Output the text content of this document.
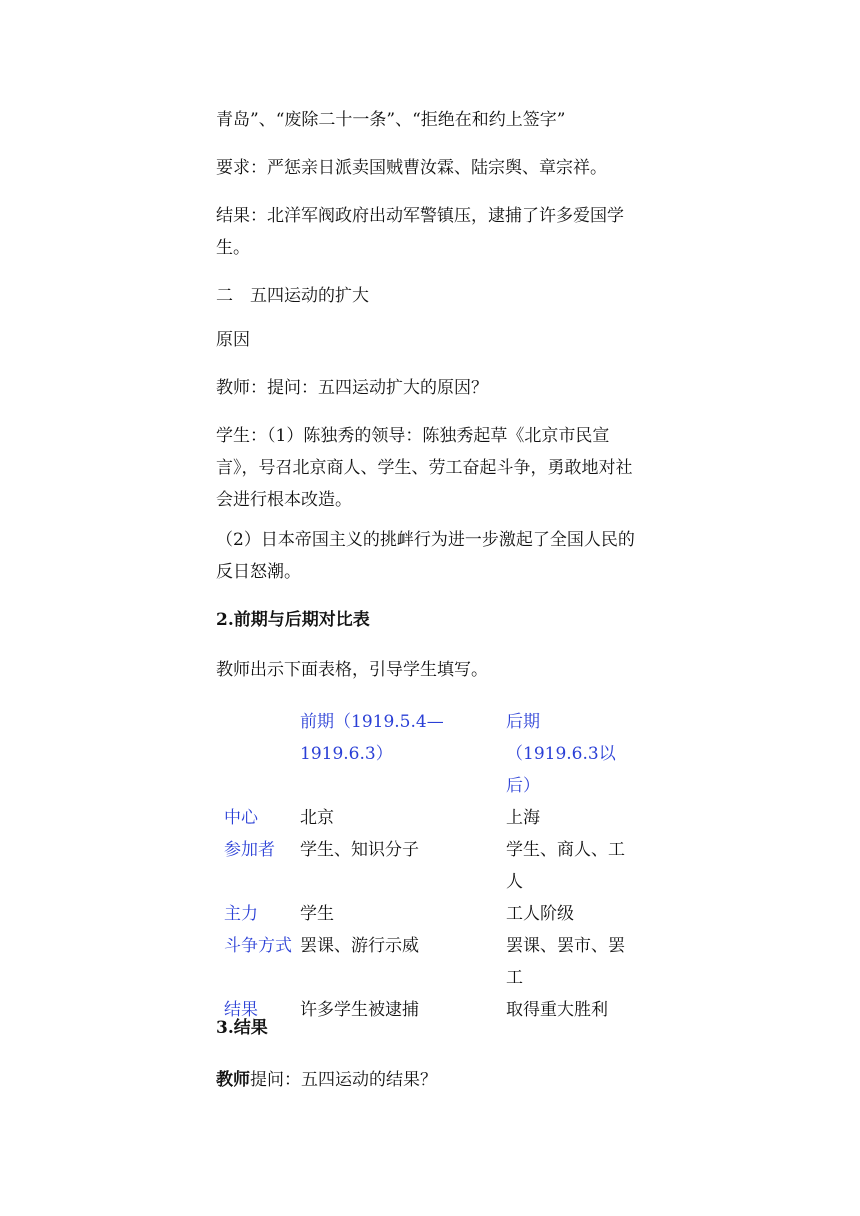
青岛”、“废除二十一条”、“拒绝在和约上签字”
要求：严惩亲日派卖国贼曹汝霖、陆宗舆、章宗祥。
结果：北洋军阀政府出动军警镇压，逮捕了许多爱国学生。
二　五四运动的扩大
原因
教师：提问：五四运动扩大的原因？
学生：（1）陈独秀的领导：陈独秀起草《北京市民宣言》，号召北京商人、学生、劳工奋起斗争，勇敢地对社会进行根本改造。
（2）日本帝国主义的挑衅行为进一步激起了全国人民的反日怒潮。
2.前期与后期对比表
教师出示下面表格，引导学生填写。
	前期（1919.5.4—1919.6.3）	后期（1919.6.3以后）
中心	北京	上海
参加者	学生、知识分子	学生、商人、工人
主力	学生	工人阶级
斗争方式	罢课、游行示威	罢课、罢市、罢工
结果	许多学生被逮捕	取得重大胜利
3.结果
教师提问：五四运动的结果？
